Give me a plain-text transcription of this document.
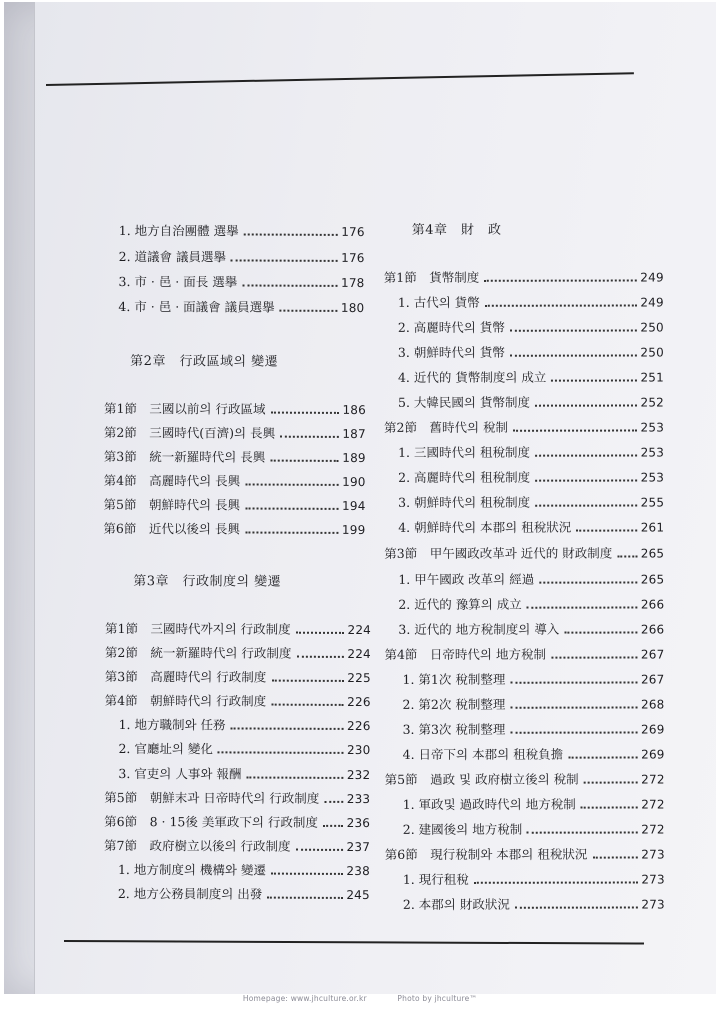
1. 地方自治團體 選擧	176
2. 道議會 議員選擧	176
3. 市 · 邑 · 面長 選擧	178
4. 市 · 邑 · 面議會 議員選擧	180
第2章　行政區域의 變遷
第1節　三國以前의 行政區域	186
第2節　三國時代(百濟)의 長興	187
第3節　統一新羅時代의 長興	189
第4節　高麗時代의 長興	190
第5節　朝鮮時代의 長興	194
第6節　近代以後의 長興	199
第3章　行政制度의 變遷
第1節　三國時代까지의 行政制度	224
第2節　統一新羅時代의 行政制度	224
第3節　高麗時代의 行政制度	225
第4節　朝鮮時代의 行政制度	226
1. 地方職制와 任務	226
2. 官廳址의 變化	230
3. 官吏의 人事와 報酬	232
第5節　朝鮮末과 日帝時代의 行政制度 233
第6節　8 · 15後 美軍政下의 行政制度 236
第7節　政府樹立以後의 行政制度	237
1. 地方制度의 機構와 變遷	238
2. 地方公務員制度의 出發	245
第4章　財　政
第1節　貨幣制度	249
1. 古代의 貨幣	249
2. 高麗時代의 貨幣	250
3. 朝鮮時代의 貨幣	250
4. 近代的 貨幣制度의 成立	251
5. 大韓民國의 貨幣制度	252
第2節　舊時代의 稅制	253
1. 三國時代의 租稅制度	253
2. 高麗時代의 租稅制度	253
3. 朝鮮時代의 租稅制度	255
4. 朝鮮時代의 本郡의 租稅狀況	261
第3節　甲午國政改革과 近代的 財政制度 265
1. 甲午國政 改革의 經過	265
2. 近代的 豫算의 成立	266
3. 近代的 地方稅制度의 導入	266
第4節　日帝時代의 地方稅制	267
1. 第1次 稅制整理	267
2. 第2次 稅制整理	268
3. 第3次 稅制整理	269
4. 日帝下의 本郡의 租稅負擔	269
第5節　過政 및 政府樹立後의 稅制	272
1. 軍政및 過政時代의 地方稅制	272
2. 建國後의 地方稅制	272
第6節　現行稅制와 本郡의 租稅狀況	273
1. 現行租稅	273
2. 本郡의 財政狀況	273
Homepage: www.jhculture.or.kr	Photo by jhculture™
